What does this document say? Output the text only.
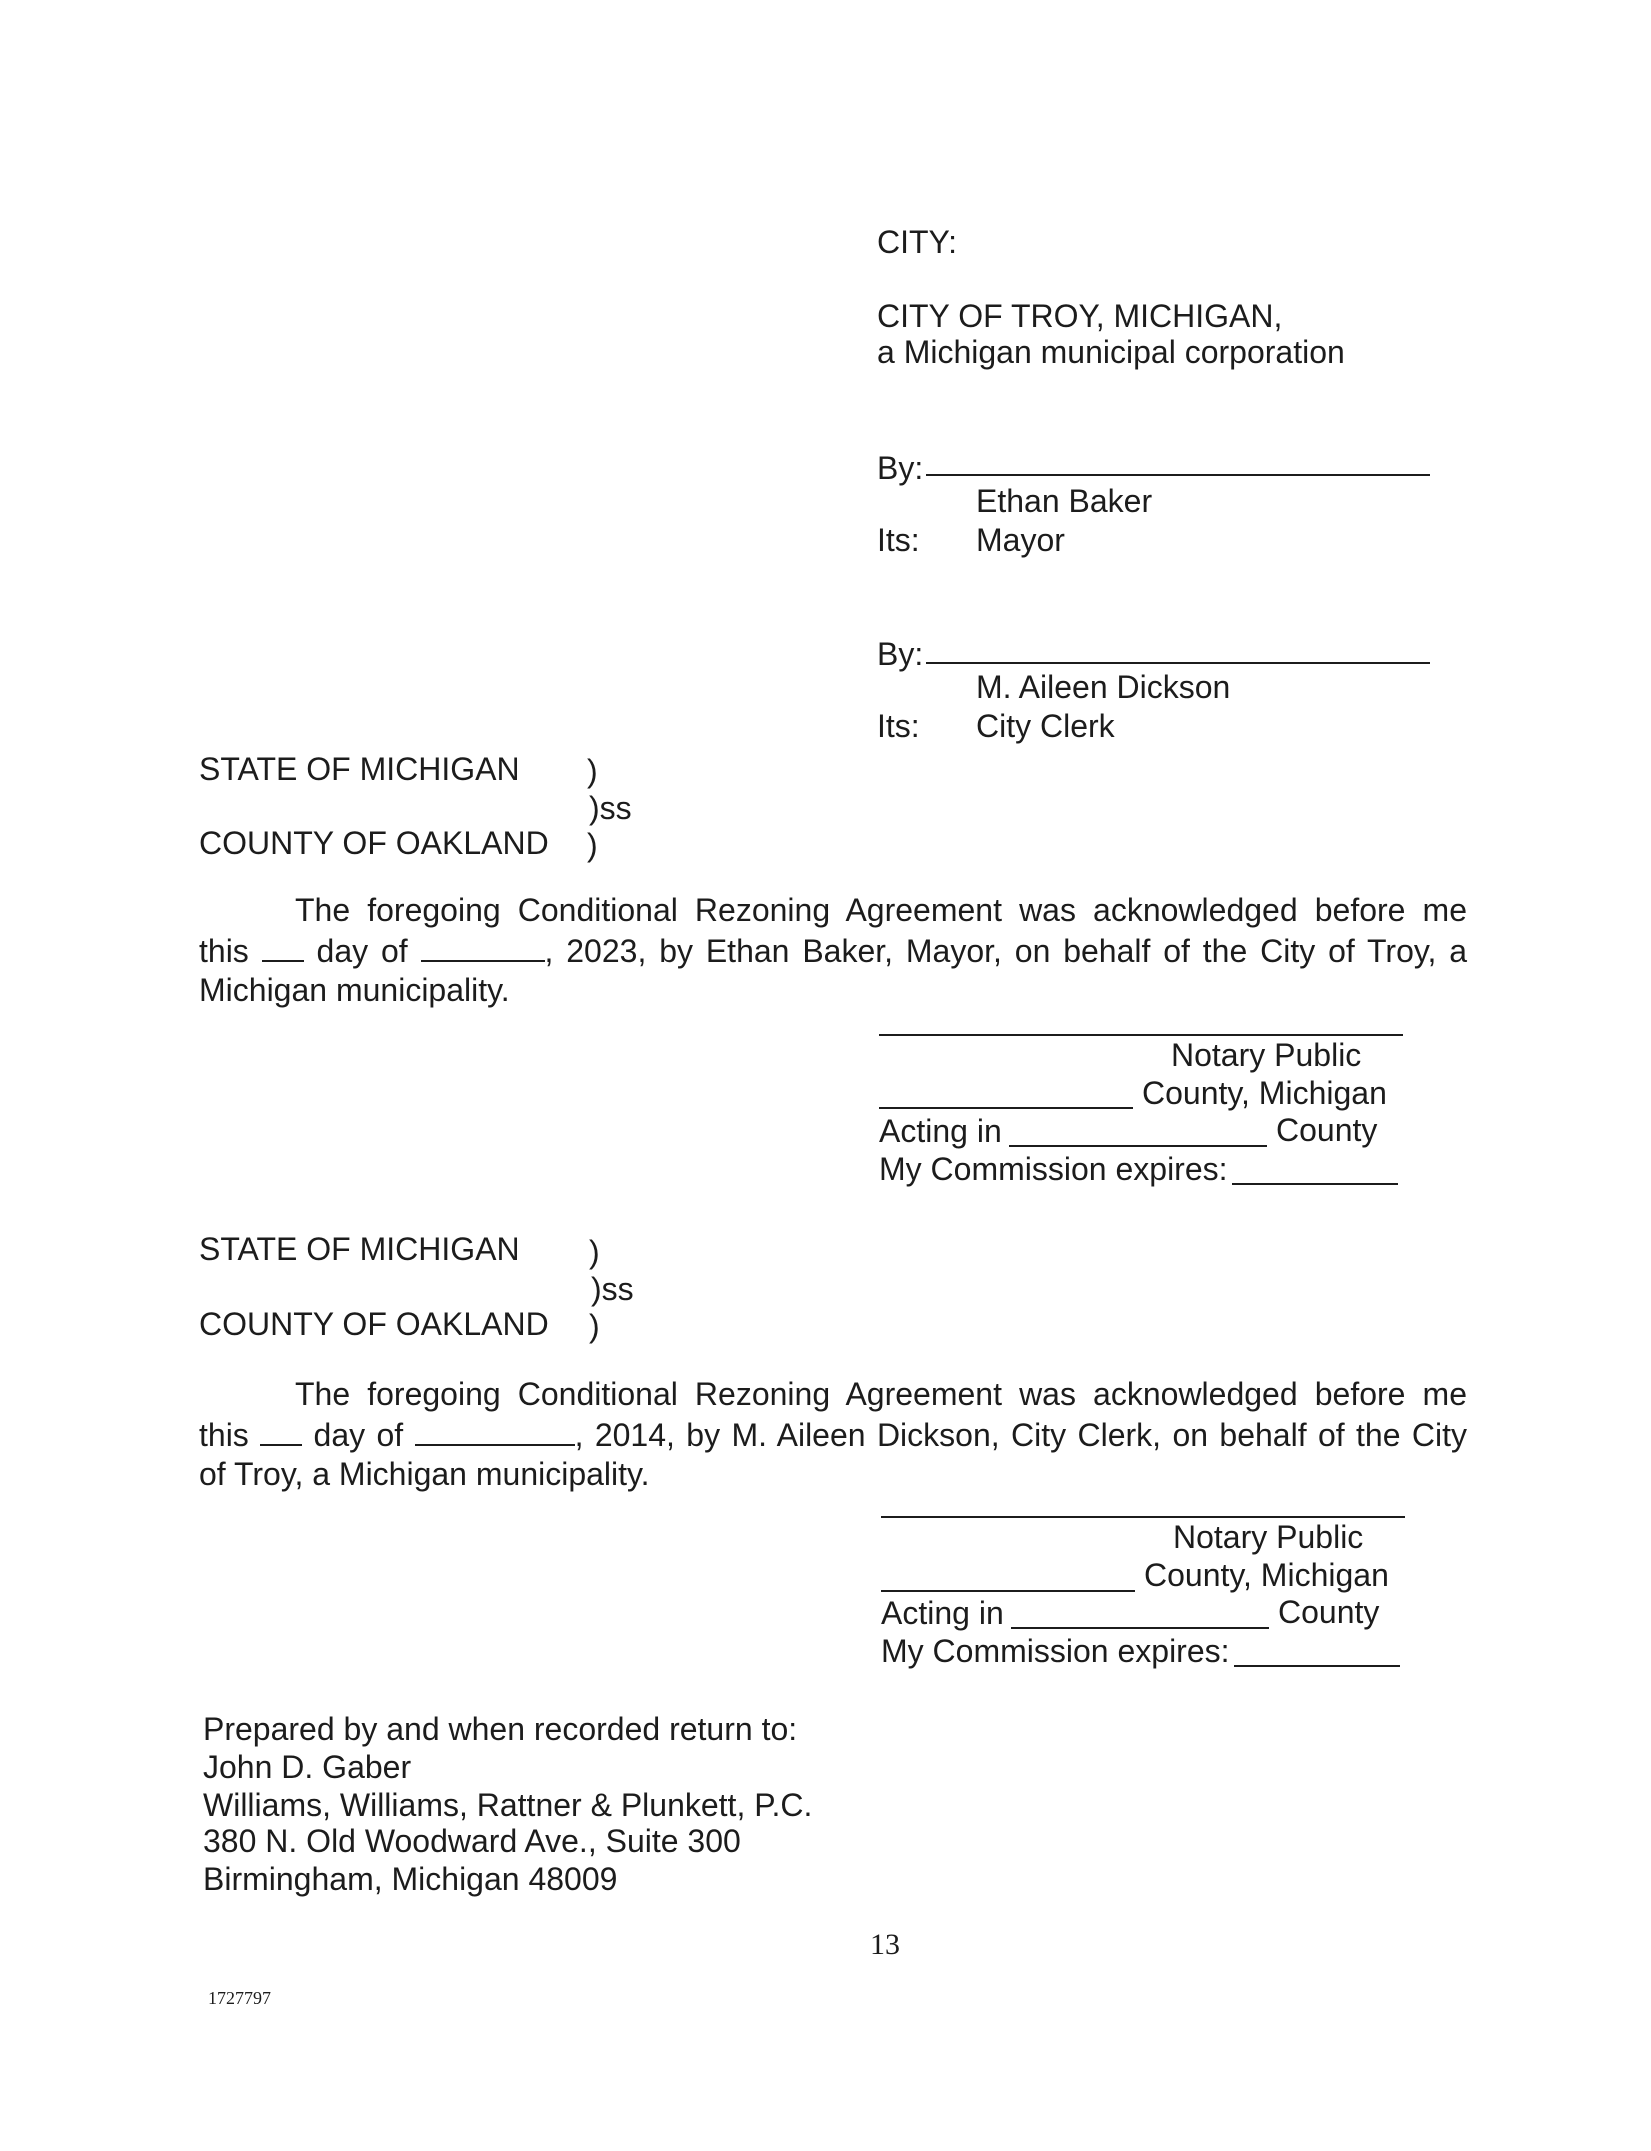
CITY:
CITY OF TROY, MICHIGAN,
a Michigan municipal corporation
By:
Ethan Baker
Its: Mayor
By:
M. Aileen Dickson
Its: City Clerk
STATE OF MICHIGAN )
)ss
COUNTY OF OAKLAND )
The foregoing Conditional Rezoning Agreement was acknowledged before me
this day of	, 2023, by Ethan Baker, Mayor, on behalf of the City of Troy, a
Michigan municipality.
Notary Public
County, Michigan
Acting in	County
My Commission expires:
STATE OF MICHIGAN )
)ss
COUNTY OF OAKLAND )
The foregoing Conditional Rezoning Agreement was acknowledged before me
this day of	, 2014, by M. Aileen Dickson, City Clerk, on behalf of the City
of Troy, a Michigan municipality.
Notary Public
County, Michigan
Acting in	County
My Commission expires:
Prepared by and when recorded return to:
John D. Gaber
Williams, Williams, Rattner & Plunkett, P.C.
380 N. Old Woodward Ave., Suite 300
Birmingham, Michigan 48009
13
1727797
